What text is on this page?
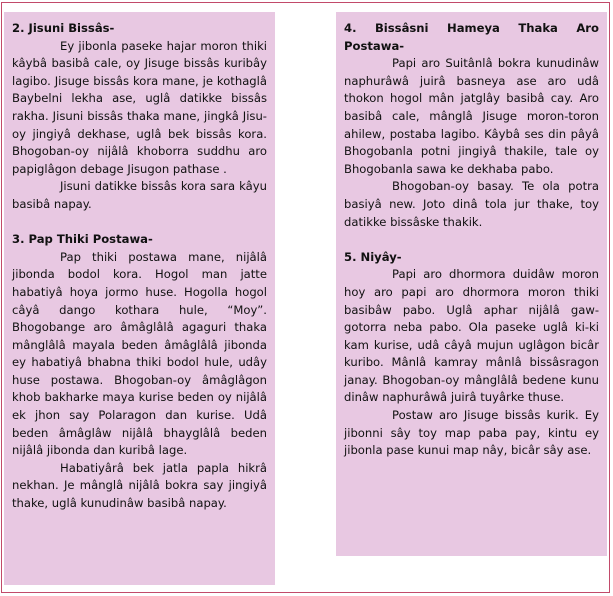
2. Jisuni Bissâs-

Ey jibonla paseke hajar moron thiki kâybâ basibâ cale, oy Jisuge bissâs kuribây lagibo. Jisuge bissâs kora mane, je kothaglâ Baybelni lekha ase, uglâ datikke bissâs rakha. Jisuni bissâs thaka mane, jingkâ Jisu-oy jingiyâ dekhase, uglâ bek bissâs kora. Bhogoban-oy nijâlâ khoborra suddhu aro papiglâgon debage Jisugon pathase .

Jisuni datikke bissâs kora sara kâyu basibâ napay.

3. Pap Thiki Postawa-

Pap thiki postawa mane, nijâlâ jibonda bodol kora. Hogol man jatte habatiyâ hoya jormo huse. Hogolla hogol câyâ dango kothara hule, “Moy”. Bhogobange aro âmâglâlâ agaguri thaka mânglâlâ mayala beden âmâglâlâ jibonda ey habatiyâ bhabna thiki bodol hule, udây huse postawa. Bhogoban-oy âmâglâgon khob bakharke maya kurise beden oy nijâlâ ek jhon say Polaragon dan kurise. Udâ beden âmâglâw nijâlâ bhayglâlâ beden nijâlâ jibonda dan kuribâ lage.

Habatiyârâ bek jatla papla hikrâ nekhan. Je mânglâ nijâlâ bokra say jingiyâ thake, uglâ kunudinâw basibâ napay.

4. Bissâsni Hameya Thaka Aro Postawa-

Papi aro Suitânlâ bokra kunudinâw naphurâwâ juirâ basneya ase aro udâ thokon hogol mân jatglây basibâ cay. Aro basibâ cale, mânglâ Jisuge moron-toron ahilew, postaba lagibo. Kâybâ ses din pâyâ Bhogobanla potni jingiyâ thakile, tale oy Bhogobanla sawa ke dekhaba pabo.

Bhogoban-oy basay. Te ola potra basiyâ new. Joto dinâ tola jur thake, toy datikke bissâske thakik.

5. Niyây-

Papi aro dhormora duidâw moron hoy aro papi aro dhormora moron thiki basibâw pabo. Uglâ aphar nijâlâ gaw-gotorra neba pabo. Ola paseke uglâ ki-ki kam kurise, udâ câyâ mujun uglâgon bicâr kuribo. Mânlâ kamray mânlâ bissâsragon janay. Bhogoban-oy mânglâlâ bedene kunu dinâw naphurâwâ juirâ tuyârke thuse.

Postaw aro Jisuge bissâs kurik. Ey jibonni sây toy map paba pay, kintu ey jibonla pase kunui map nây, bicâr sây ase.
